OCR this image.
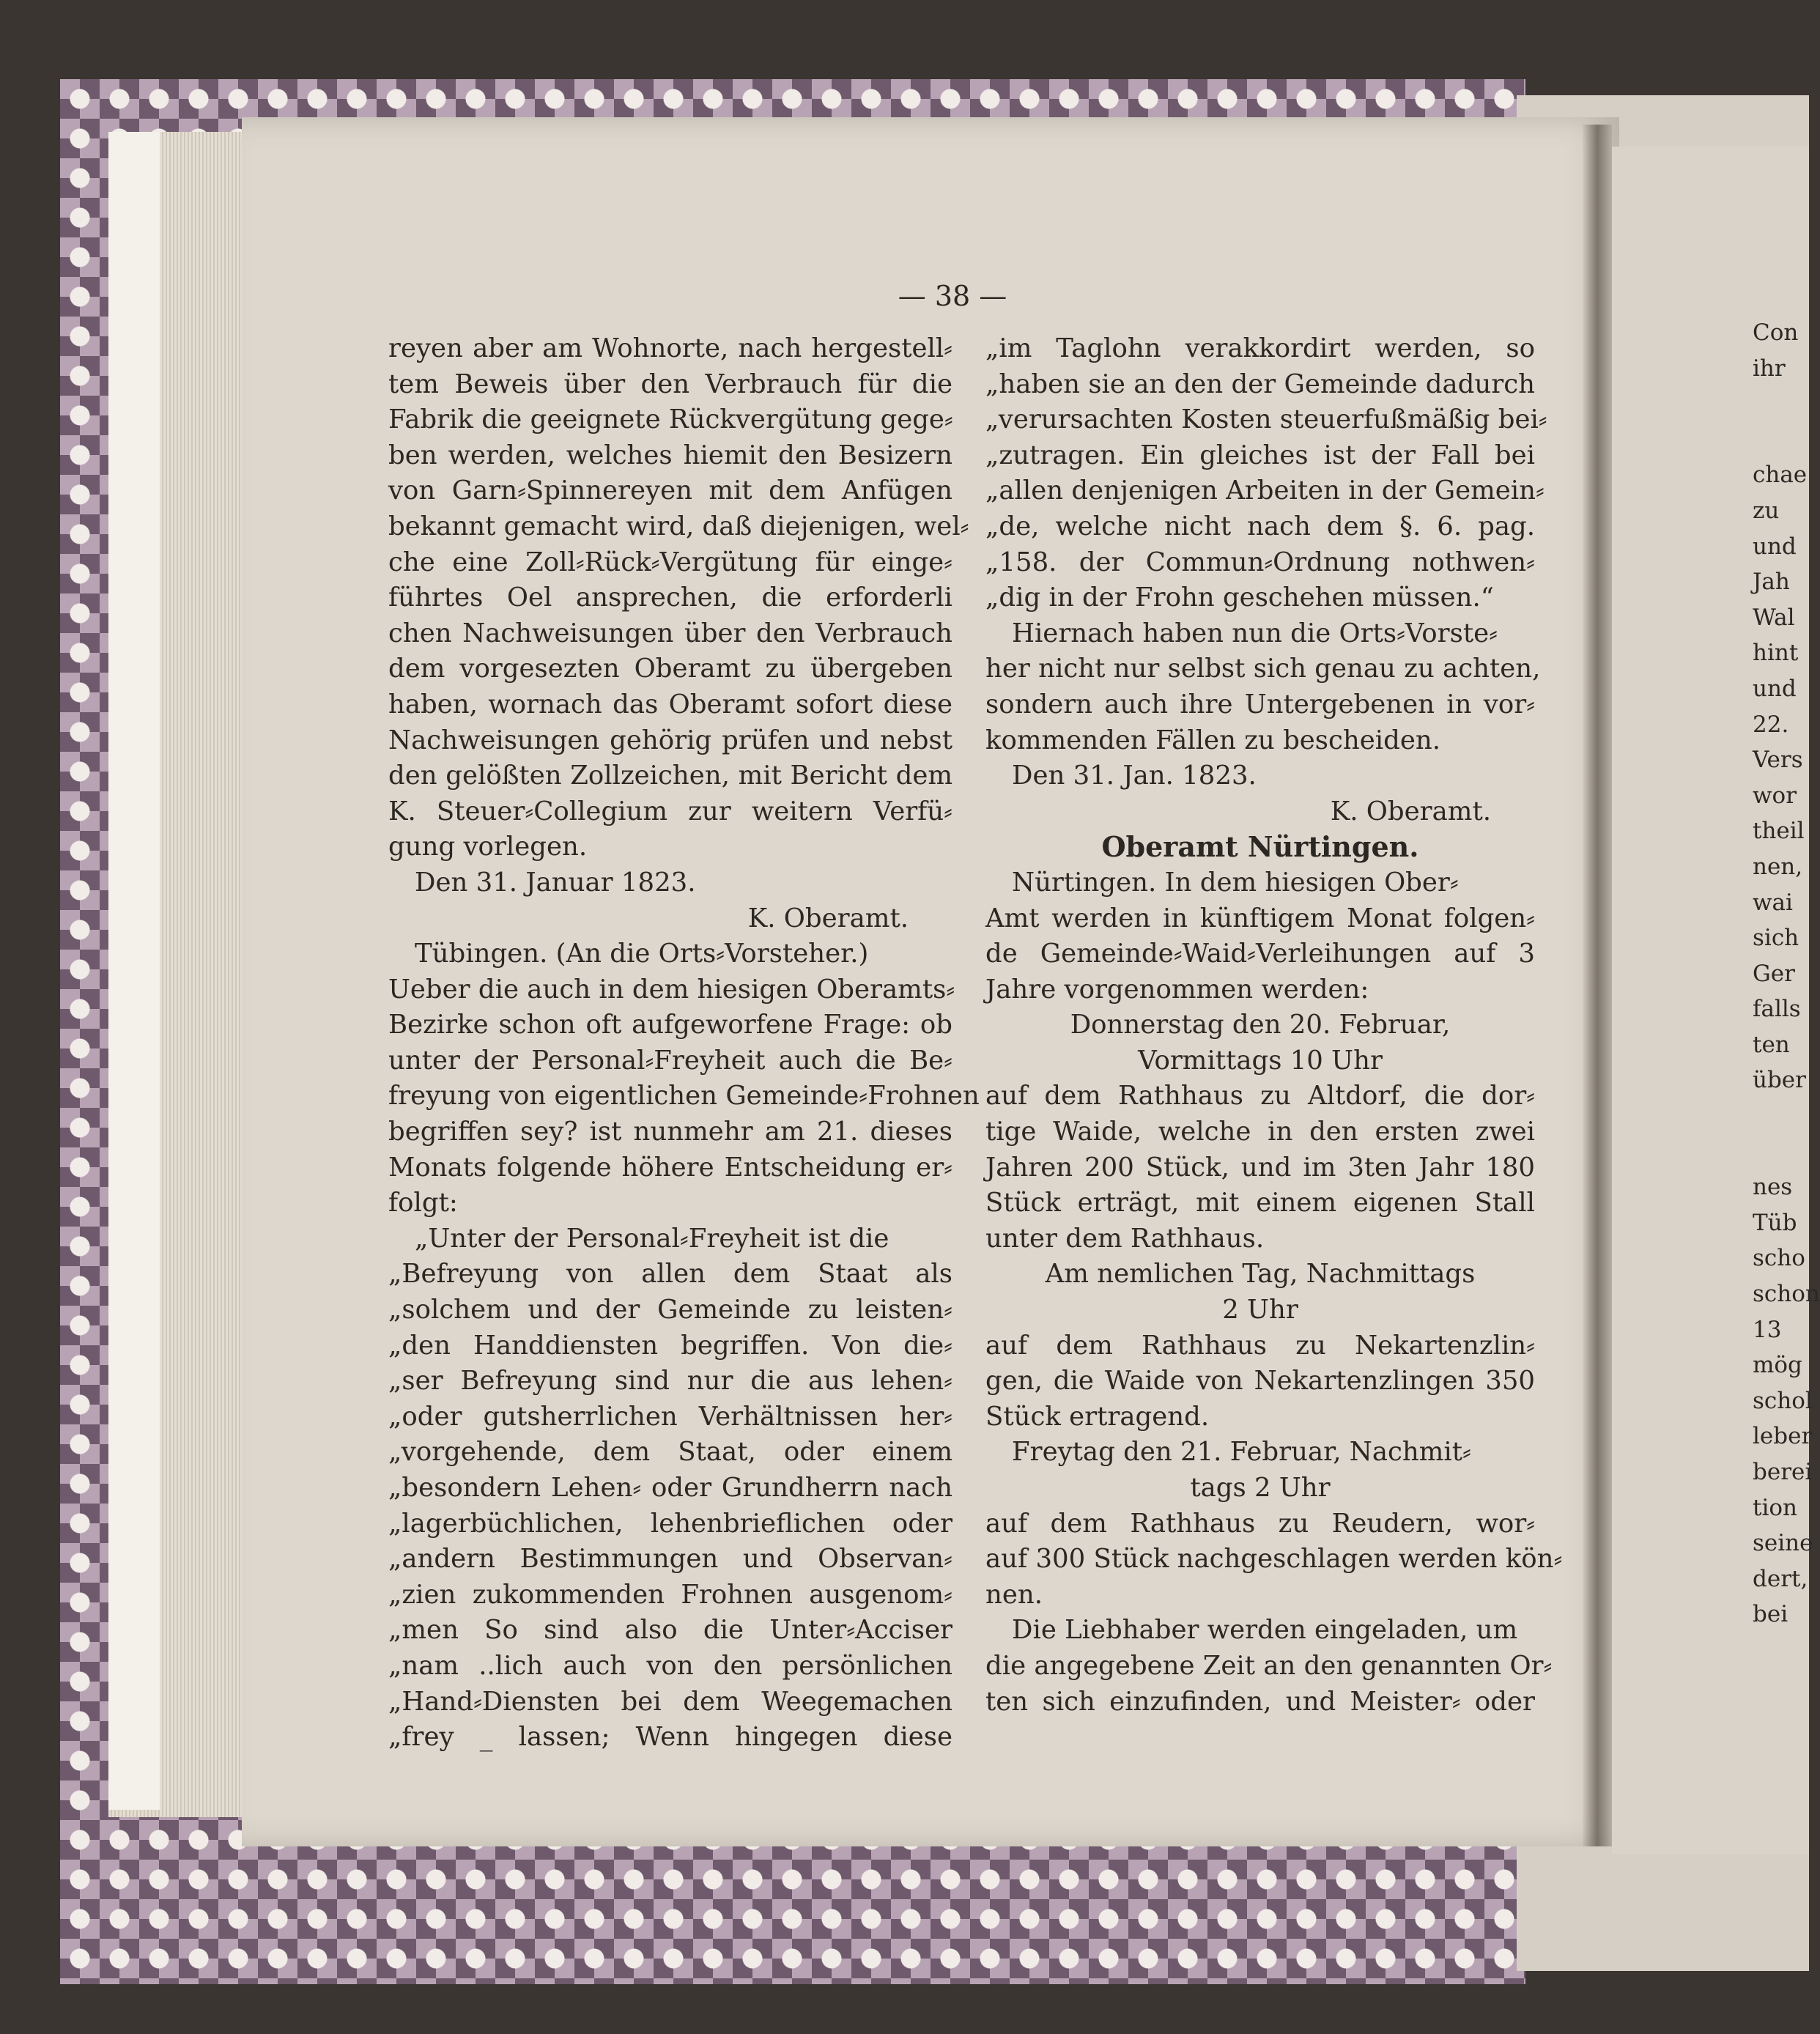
— 38 —
reyen aber am Wohnorte, nach hergestell⸗
tem Beweis über den Verbrauch für die
Fabrik die geeignete Rückvergütung gege⸗
ben werden, welches hiemit den Besizern
von Garn⸗Spinnereyen mit dem Anfügen
bekannt gemacht wird, daß diejenigen, wel⸗
che eine Zoll⸗Rück⸗Vergütung für einge⸗
führtes Oel ansprechen, die erforderli
chen Nachweisungen über den Verbrauch
dem vorgesezten Oberamt zu übergeben
haben, wornach das Oberamt sofort diese
Nachweisungen gehörig prüfen und nebst
den gelößten Zollzeichen, mit Bericht dem
K. Steuer⸗Collegium zur weitern Verfü⸗
gung vorlegen.
Den 31. Januar 1823.
K. Oberamt.
Tübingen. (An die Orts⸗Vorsteher.)
Ueber die auch in dem hiesigen Oberamts⸗
Bezirke schon oft aufgeworfene Frage: ob
unter der Personal⸗Freyheit auch die Be⸗
freyung von eigentlichen Gemeinde⸗Frohnen
begriffen sey? ist nunmehr am 21. dieses
Monats folgende höhere Entscheidung er⸗
folgt:
„Unter der Personal⸗Freyheit ist die
„Befreyung von allen dem Staat als
„solchem und der Gemeinde zu leisten⸗
„den Handdiensten begriffen. Von die⸗
„ser Befreyung sind nur die aus lehen⸗
„oder gutsherrlichen Verhältnissen her⸗
„vorgehende, dem Staat, oder einem
„besondern Lehen⸗ oder Grundherrn nach
„lagerbüchlichen, lehenbrieflichen oder
„andern Bestimmungen und Observan⸗
„zien zukommenden Frohnen ausgenom⸗
„men So sind also die Unter⸗Acciser
„nam ..lich auch von den persönlichen
„Hand⸗Diensten bei dem Weegemachen
„frey _ lassen; Wenn hingegen diese
„im Taglohn verakkordirt werden, so
„haben sie an den der Gemeinde dadurch
„verursachten Kosten steuerfußmäßig bei⸗
„zutragen. Ein gleiches ist der Fall bei
„allen denjenigen Arbeiten in der Gemein⸗
„de, welche nicht nach dem §. 6. pag.
„158. der Commun⸗Ordnung nothwen⸗
„dig in der Frohn geschehen müssen.“
Hiernach haben nun die Orts⸗Vorste⸗
her nicht nur selbst sich genau zu achten,
sondern auch ihre Untergebenen in vor⸗
kommenden Fällen zu bescheiden.
Den 31. Jan. 1823.
K. Oberamt.
Oberamt Nürtingen.
Nürtingen. In dem hiesigen Ober⸗
Amt werden in künftigem Monat folgen⸗
de Gemeinde⸗Waid⸗Verleihungen auf 3
Jahre vorgenommen werden:
Donnerstag den 20. Februar,
Vormittags 10 Uhr
auf dem Rathhaus zu Altdorf, die dor⸗
tige Waide, welche in den ersten zwei
Jahren 200 Stück, und im 3ten Jahr 180
Stück erträgt, mit einem eigenen Stall
unter dem Rathhaus.
Am nemlichen Tag, Nachmittags
2 Uhr
auf dem Rathhaus zu Nekartenzlin⸗
gen, die Waide von Nekartenzlingen 350
Stück ertragend.
Freytag den 21. Februar, Nachmit⸗
tags 2 Uhr
auf dem Rathhaus zu Reudern, wor⸗
auf 300 Stück nachgeschlagen werden kön⸗
nen.
Die Liebhaber werden eingeladen, um
die angegebene Zeit an den genannten Or⸗
ten sich einzufinden, und Meister⸗ oder
Con
ihr
chae
zu
und
Jah
Wal
hint
und
22.
Vers
wor
theil
nen,
wai
sich
Ger
falls
ten
über
nes
Tüb
scho
schon
13
mög
schol
leber
berei
tion
seine
dert,
bei
